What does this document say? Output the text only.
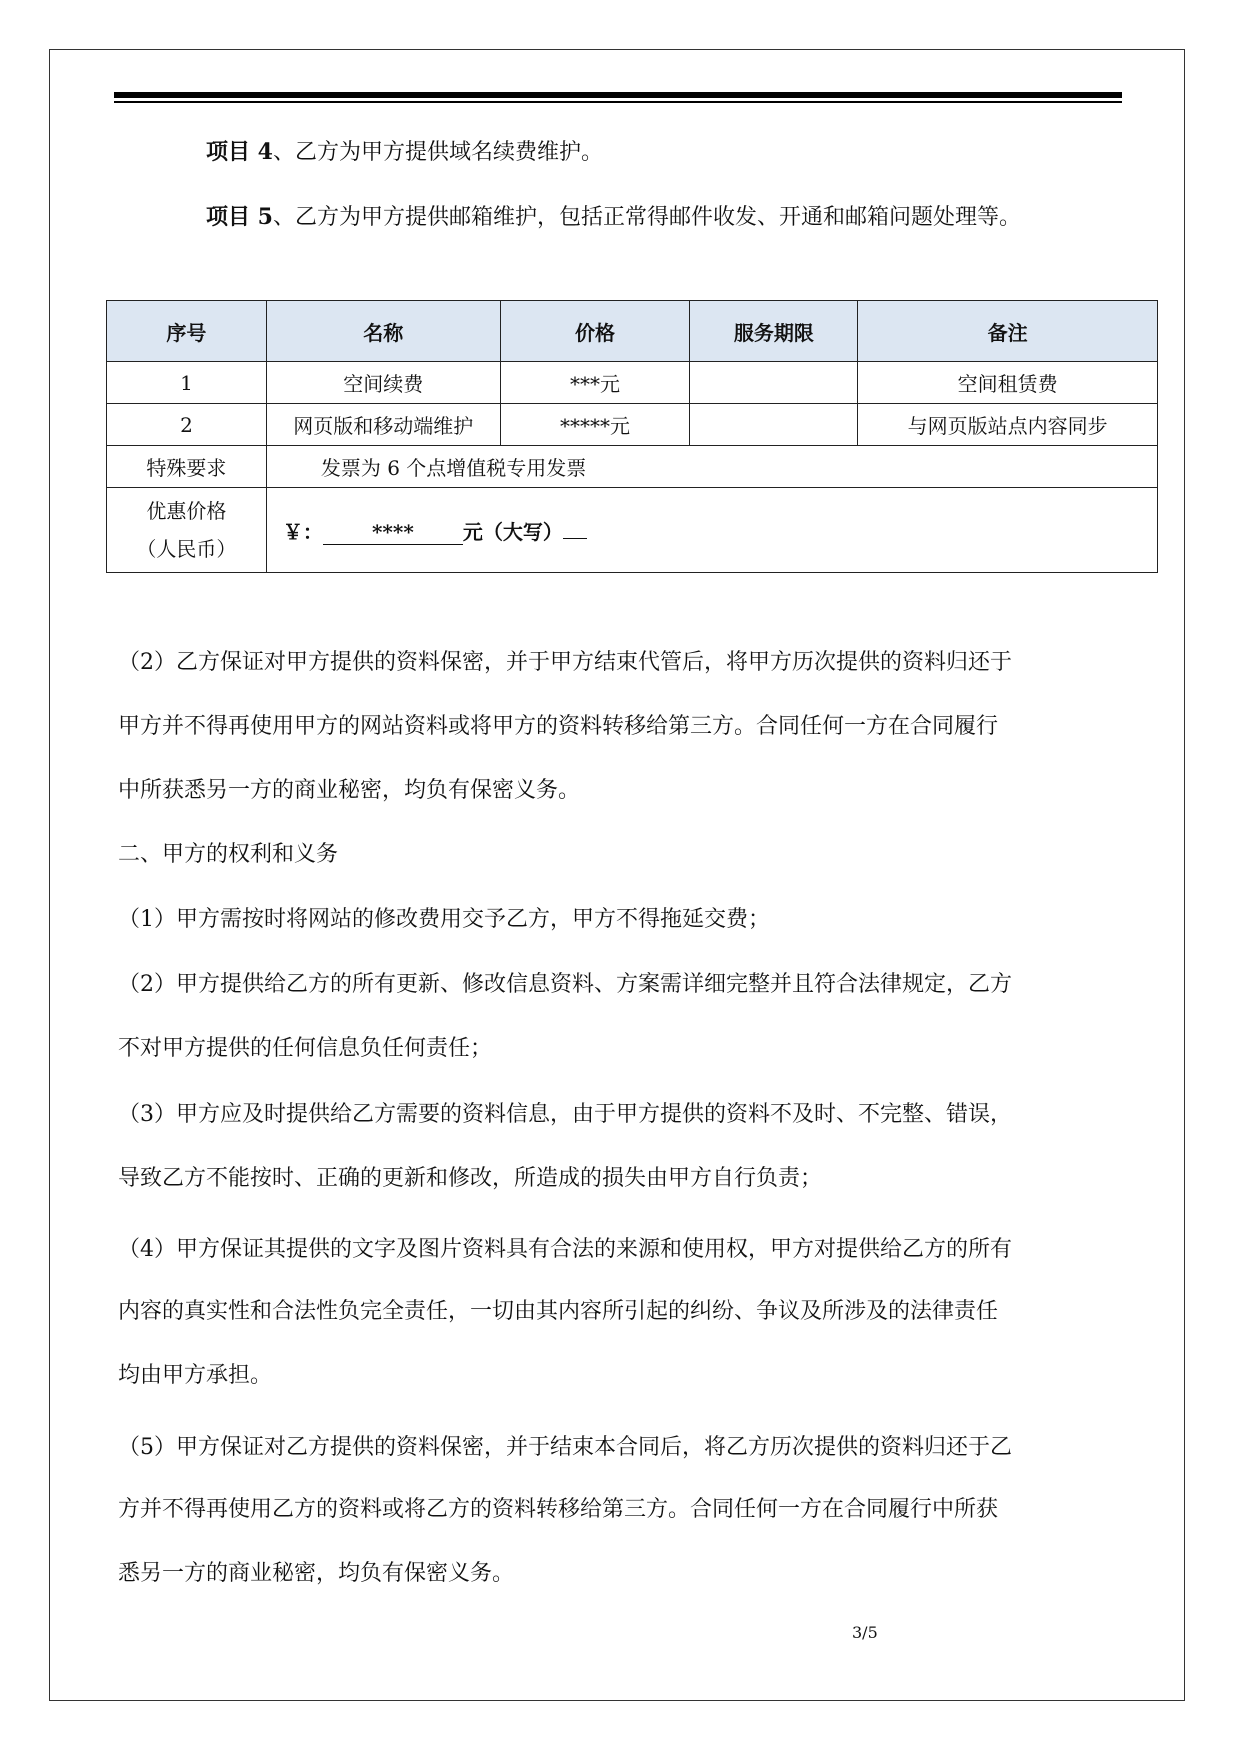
项目 4、乙方为甲方提供域名续费维护。
项目 5、乙方为甲方提供邮箱维护，包括正常得邮件收发、开通和邮箱问题处理等。
序号	名称	价格	服务期限	备注
1	空间续费	***元		空间租赁费
2	网页版和移动端维护	*****元		与网页版站点内容同步
特殊要求	发票为 6 个点增值税专用发票			

优惠价格
（人民币）	￥： **** 元（大写）			
（2）乙方保证对甲方提供的资料保密，并于甲方结束代管后，将甲方历次提供的资料归还于
甲方并不得再使用甲方的网站资料或将甲方的资料转移给第三方。合同任何一方在合同履行
中所获悉另一方的商业秘密，均负有保密义务。
二、甲方的权利和义务
（1）甲方需按时将网站的修改费用交予乙方，甲方不得拖延交费；
（2）甲方提供给乙方的所有更新、修改信息资料、方案需详细完整并且符合法律规定，乙方
不对甲方提供的任何信息负任何责任；
（3）甲方应及时提供给乙方需要的资料信息，由于甲方提供的资料不及时、不完整、错误，
导致乙方不能按时、正确的更新和修改，所造成的损失由甲方自行负责；
（4）甲方保证其提供的文字及图片资料具有合法的来源和使用权，甲方对提供给乙方的所有
内容的真实性和合法性负完全责任，一切由其内容所引起的纠纷、争议及所涉及的法律责任
均由甲方承担。
（5）甲方保证对乙方提供的资料保密，并于结束本合同后，将乙方历次提供的资料归还于乙
方并不得再使用乙方的资料或将乙方的资料转移给第三方。合同任何一方在合同履行中所获
悉另一方的商业秘密，均负有保密义务。
3/5
